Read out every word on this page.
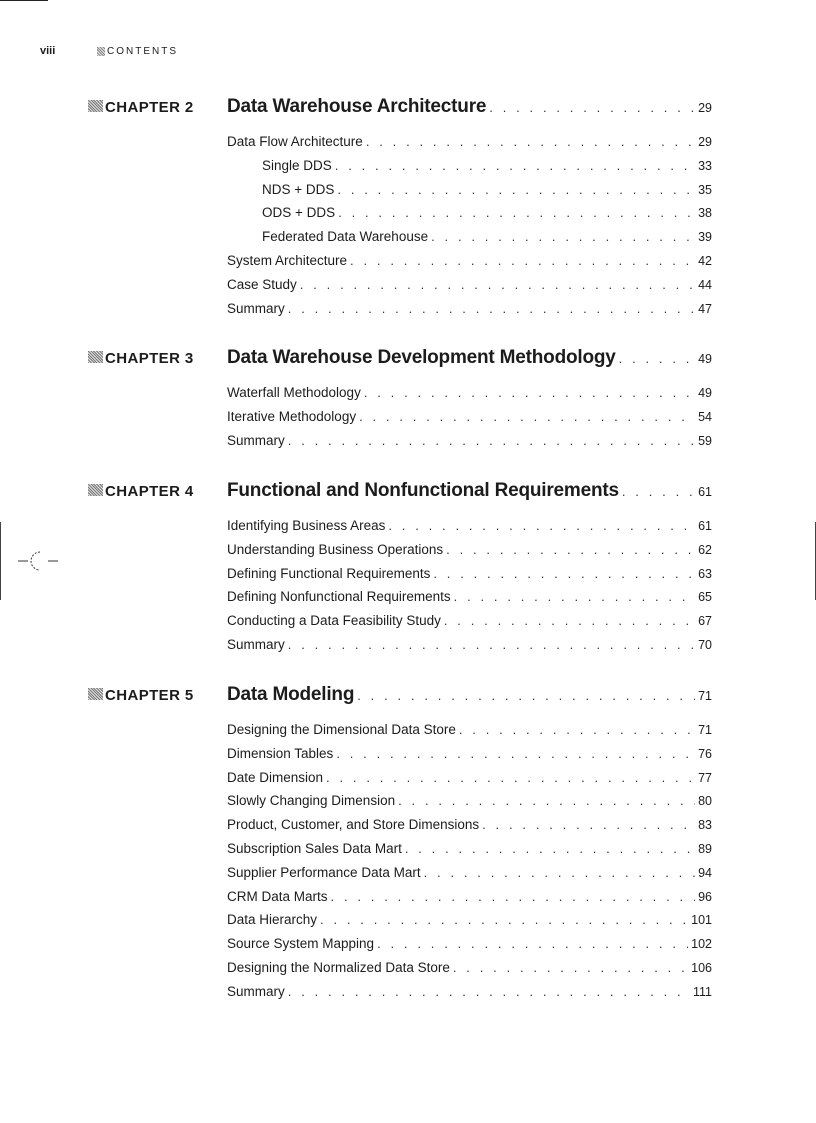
viii	CONTENTS
CHAPTER 2 Data Warehouse Architecture . . .	29
Data Flow Architecture . . .	29
Single DDS . . .	33
NDS + DDS . . .	35
ODS + DDS . . .	38
Federated Data Warehouse . . .	39
System Architecture . . .	42
Case Study . . .	44
Summary . . .	47
CHAPTER 3 Data Warehouse Development Methodology . . .	49
Waterfall Methodology . . .	49
Iterative Methodology . . .	54
Summary . . .	59
CHAPTER 4 Functional and Nonfunctional Requirements . . .	61
Identifying Business Areas . . .	61
Understanding Business Operations . . .	62
Defining Functional Requirements . . .	63
Defining Nonfunctional Requirements . . .	65
Conducting a Data Feasibility Study . . .	67
Summary . . .	70
CHAPTER 5 Data Modeling . . .	71
Designing the Dimensional Data Store . . .	71
Dimension Tables . . .	76
Date Dimension . . .	77
Slowly Changing Dimension . . .	80
Product, Customer, and Store Dimensions . . .	83
Subscription Sales Data Mart . . .	89
Supplier Performance Data Mart . . .	94
CRM Data Marts . . .	96
Data Hierarchy . . .	101
Source System Mapping . . .	102
Designing the Normalized Data Store . . .	106
Summary . . .	111
